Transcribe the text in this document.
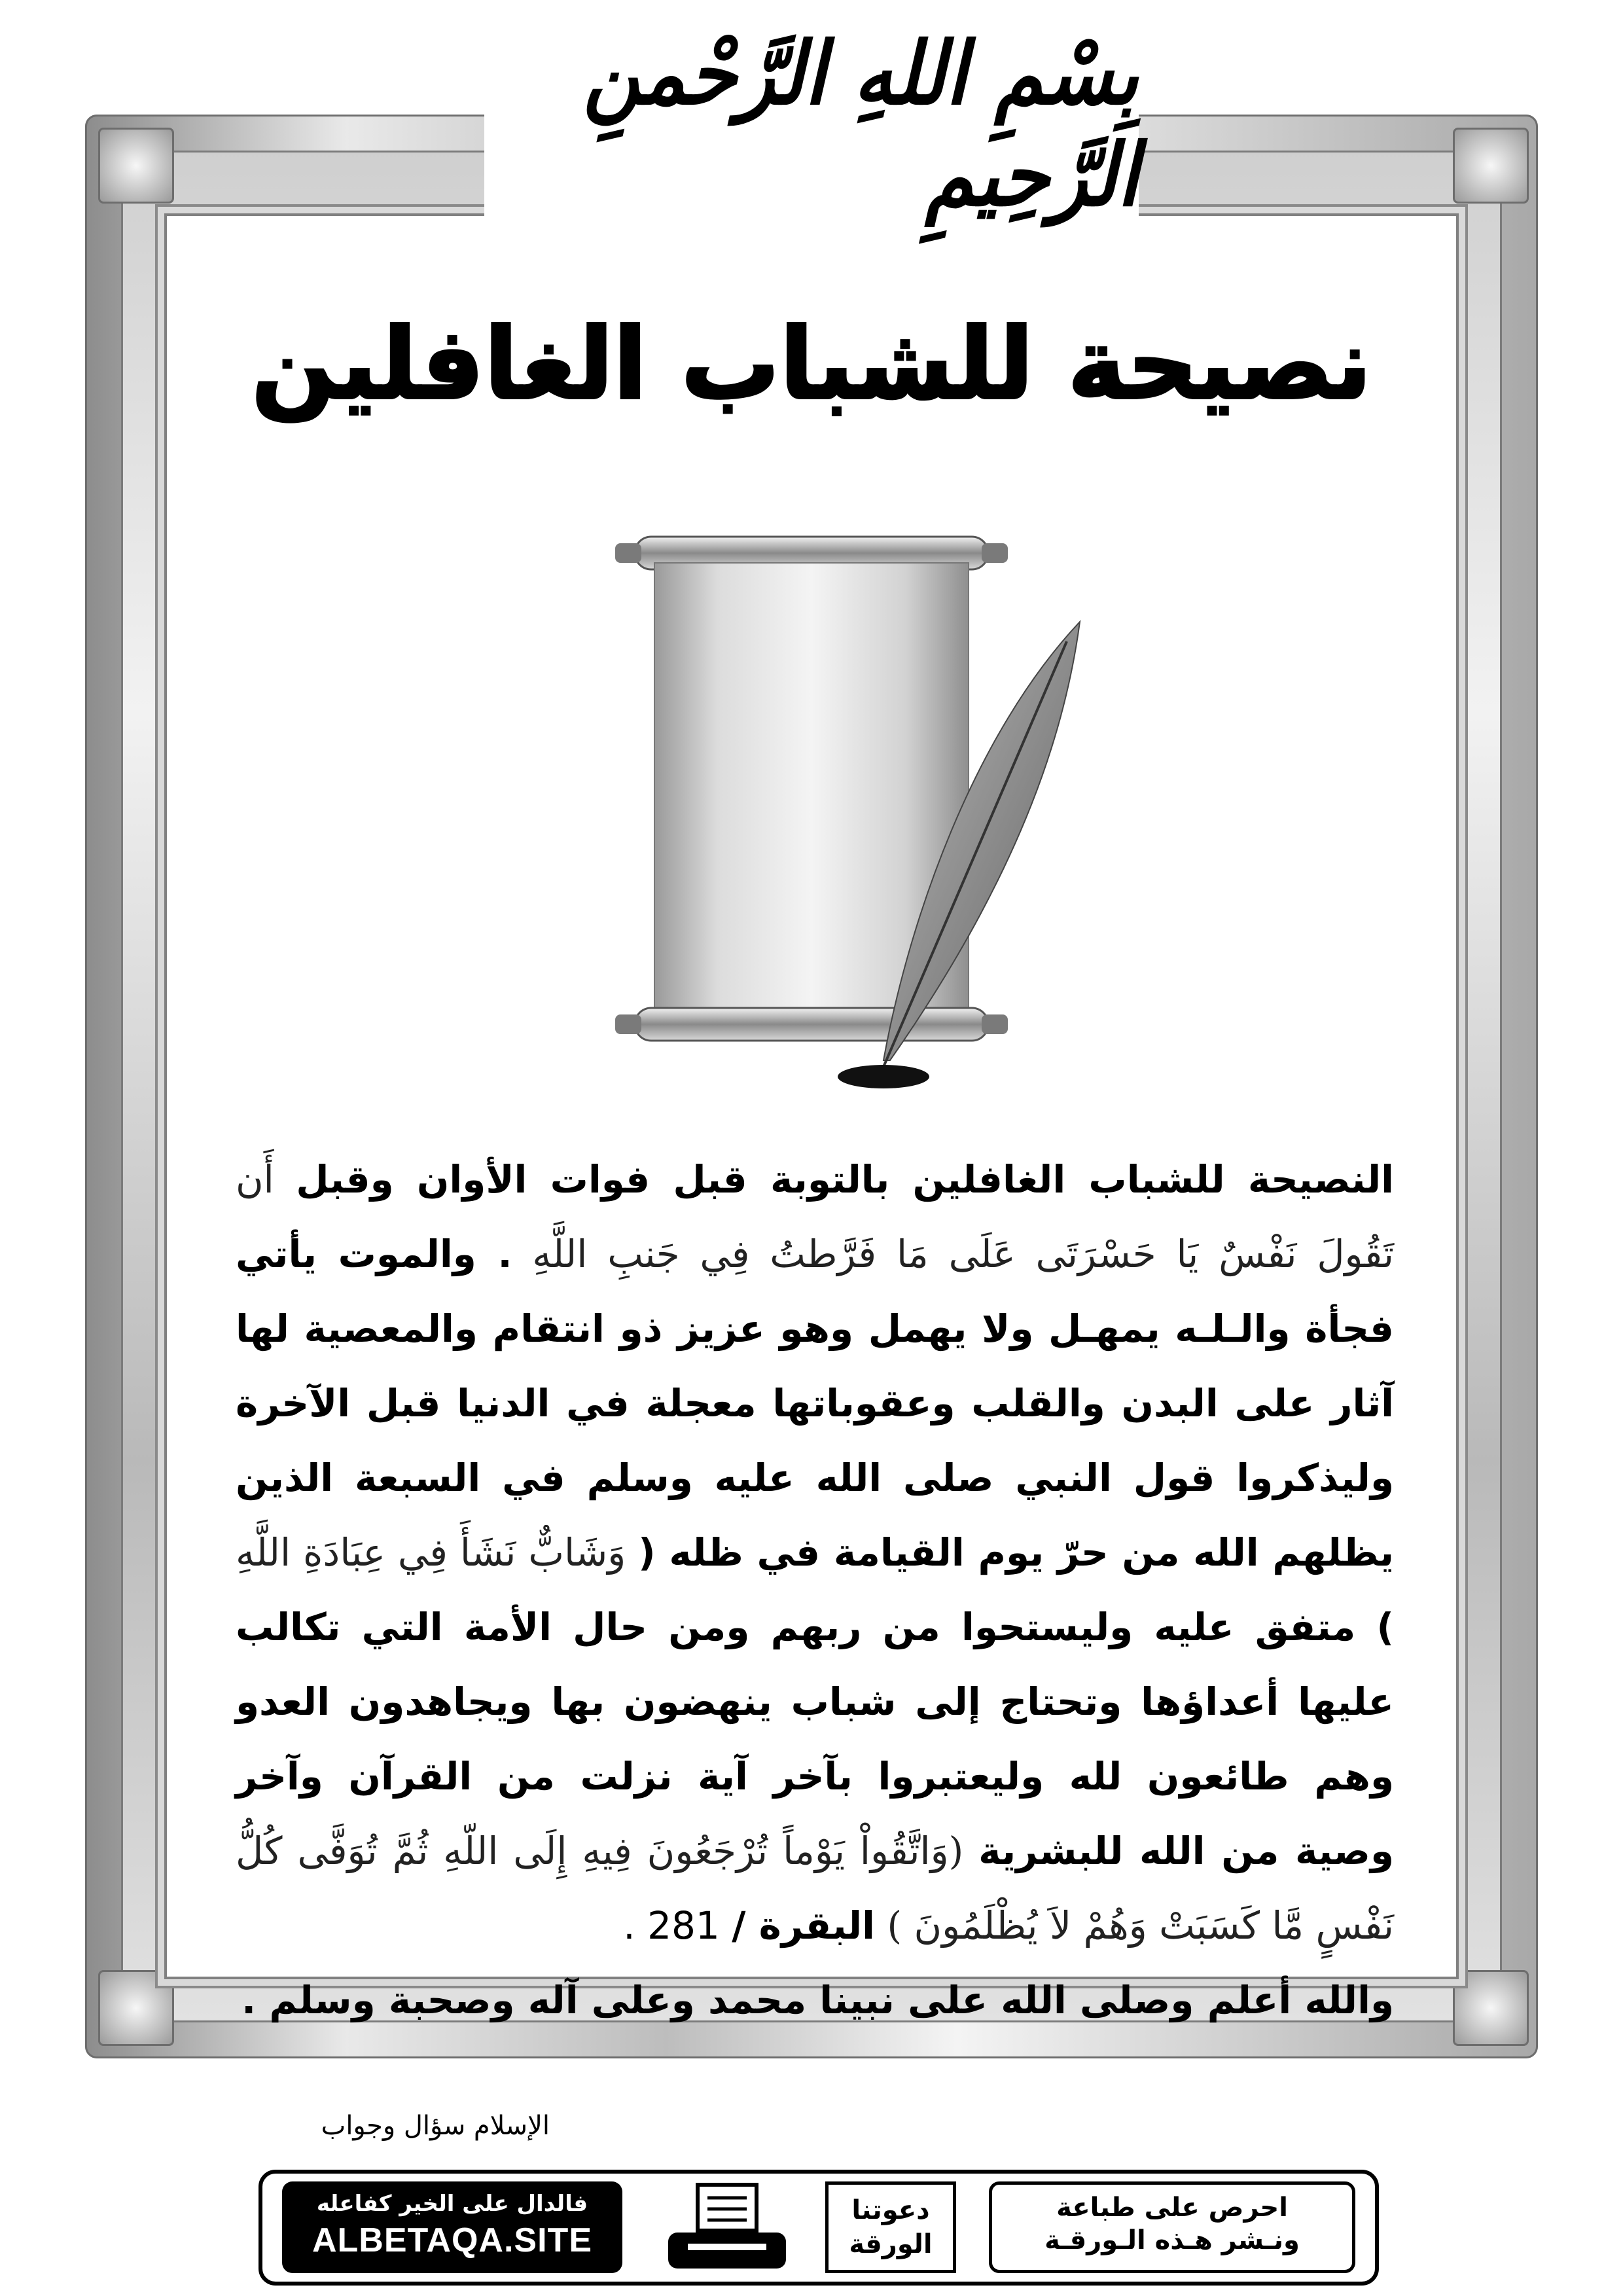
بِسْمِ اللهِ الرَّحْمنِ الرَّحِيمِ
نصيحة للشباب الغافلين
النصيحة للشباب الغافلين بالتوبة قبل فوات الأوان وقبل أَن تَقُولَ نَفْسٌ يَا حَسْرَتَى عَلَى مَا فَرَّطتُ فِي جَنبِ اللَّهِ . والموت يأتي فجأة والـلـه يمهـل ولا يهمل وهو عزيز ذو انتقام والمعصية لها آثار على البدن والقلب وعقوباتها معجلة في الدنيا قبل الآخرة وليذكروا قول النبي صلى الله عليه وسلم في السبعة الذين يظلهم الله من حرّ يوم القيامة في ظله ( وَشَابٌّ نَشَأَ فِي عِبَادَةِ اللَّهِ ) متفق عليه وليستحوا من ربهم ومن حال الأمة التي تكالب عليها أعداؤها وتحتاج إلى شباب ينهضون بها ويجاهدون العدو وهم طائعون لله وليعتبروا بآخر آية نزلت من القرآن وآخر وصية من الله للبشرية (وَاتَّقُواْ يَوْماً تُرْجَعُونَ فِيهِ إِلَى اللّهِ ثُمَّ تُوَفَّى كُلُّ نَفْسٍ مَّا كَسَبَتْ وَهُمْ لاَ يُظْلَمُونَ ) البقرة / 281 .
والله أعلم وصلى الله على نبينا محمد وعلى آله وصحبة وسلم .
الإسلام سؤال وجواب
فالدال على الخير كفاعله
ALBETAQA.SITE
دعوتنا
الورقة
احرص على طباعة
ونـشر هـذه الـورقـة
